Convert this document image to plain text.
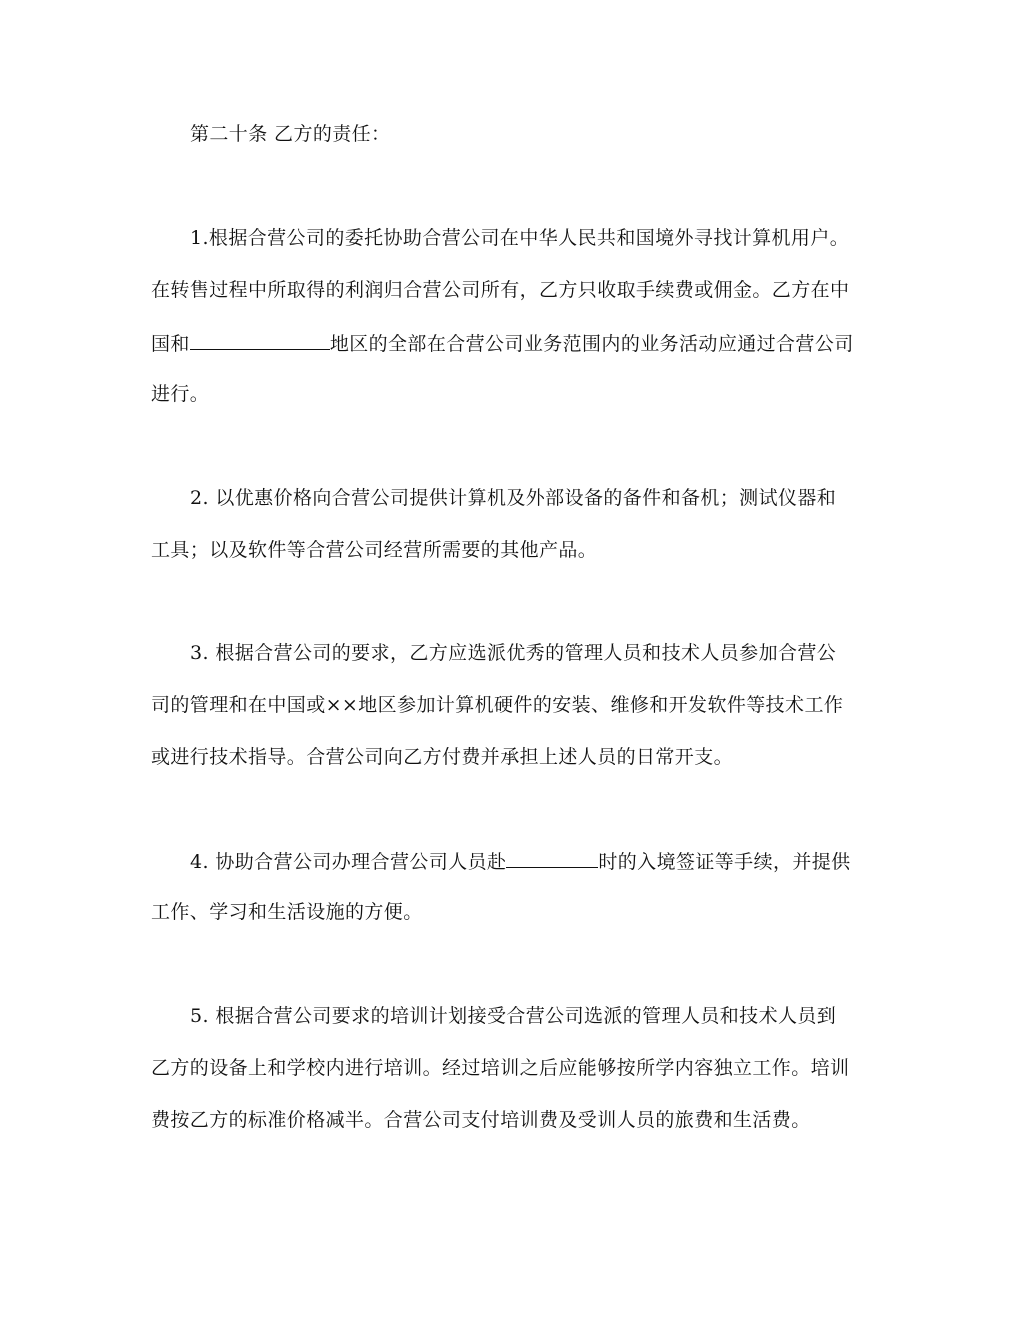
第二十条 乙方的责任：
1.根据合营公司的委托协助合营公司在中华人民共和国境外寻找计算机用户。
在转售过程中所取得的利润归合营公司所有，乙方只收取手续费或佣金。乙方在中
国和	地区的全部在合营公司业务范围内的业务活动应通过合营公司
进行。
2. 以优惠价格向合营公司提供计算机及外部设备的备件和备机；测试仪器和
工具；以及软件等合营公司经营所需要的其他产品。
3. 根据合营公司的要求，乙方应选派优秀的管理人员和技术人员参加合营公
司的管理和在中国或××地区参加计算机硬件的安装、维修和开发软件等技术工作
或进行技术指导。合营公司向乙方付费并承担上述人员的日常开支。
4. 协助合营公司办理合营公司人员赴	时的入境签证等手续，并提供
工作、学习和生活设施的方便。
5. 根据合营公司要求的培训计划接受合营公司选派的管理人员和技术人员到
乙方的设备上和学校内进行培训。经过培训之后应能够按所学内容独立工作。培训
费按乙方的标准价格减半。合营公司支付培训费及受训人员的旅费和生活费。
